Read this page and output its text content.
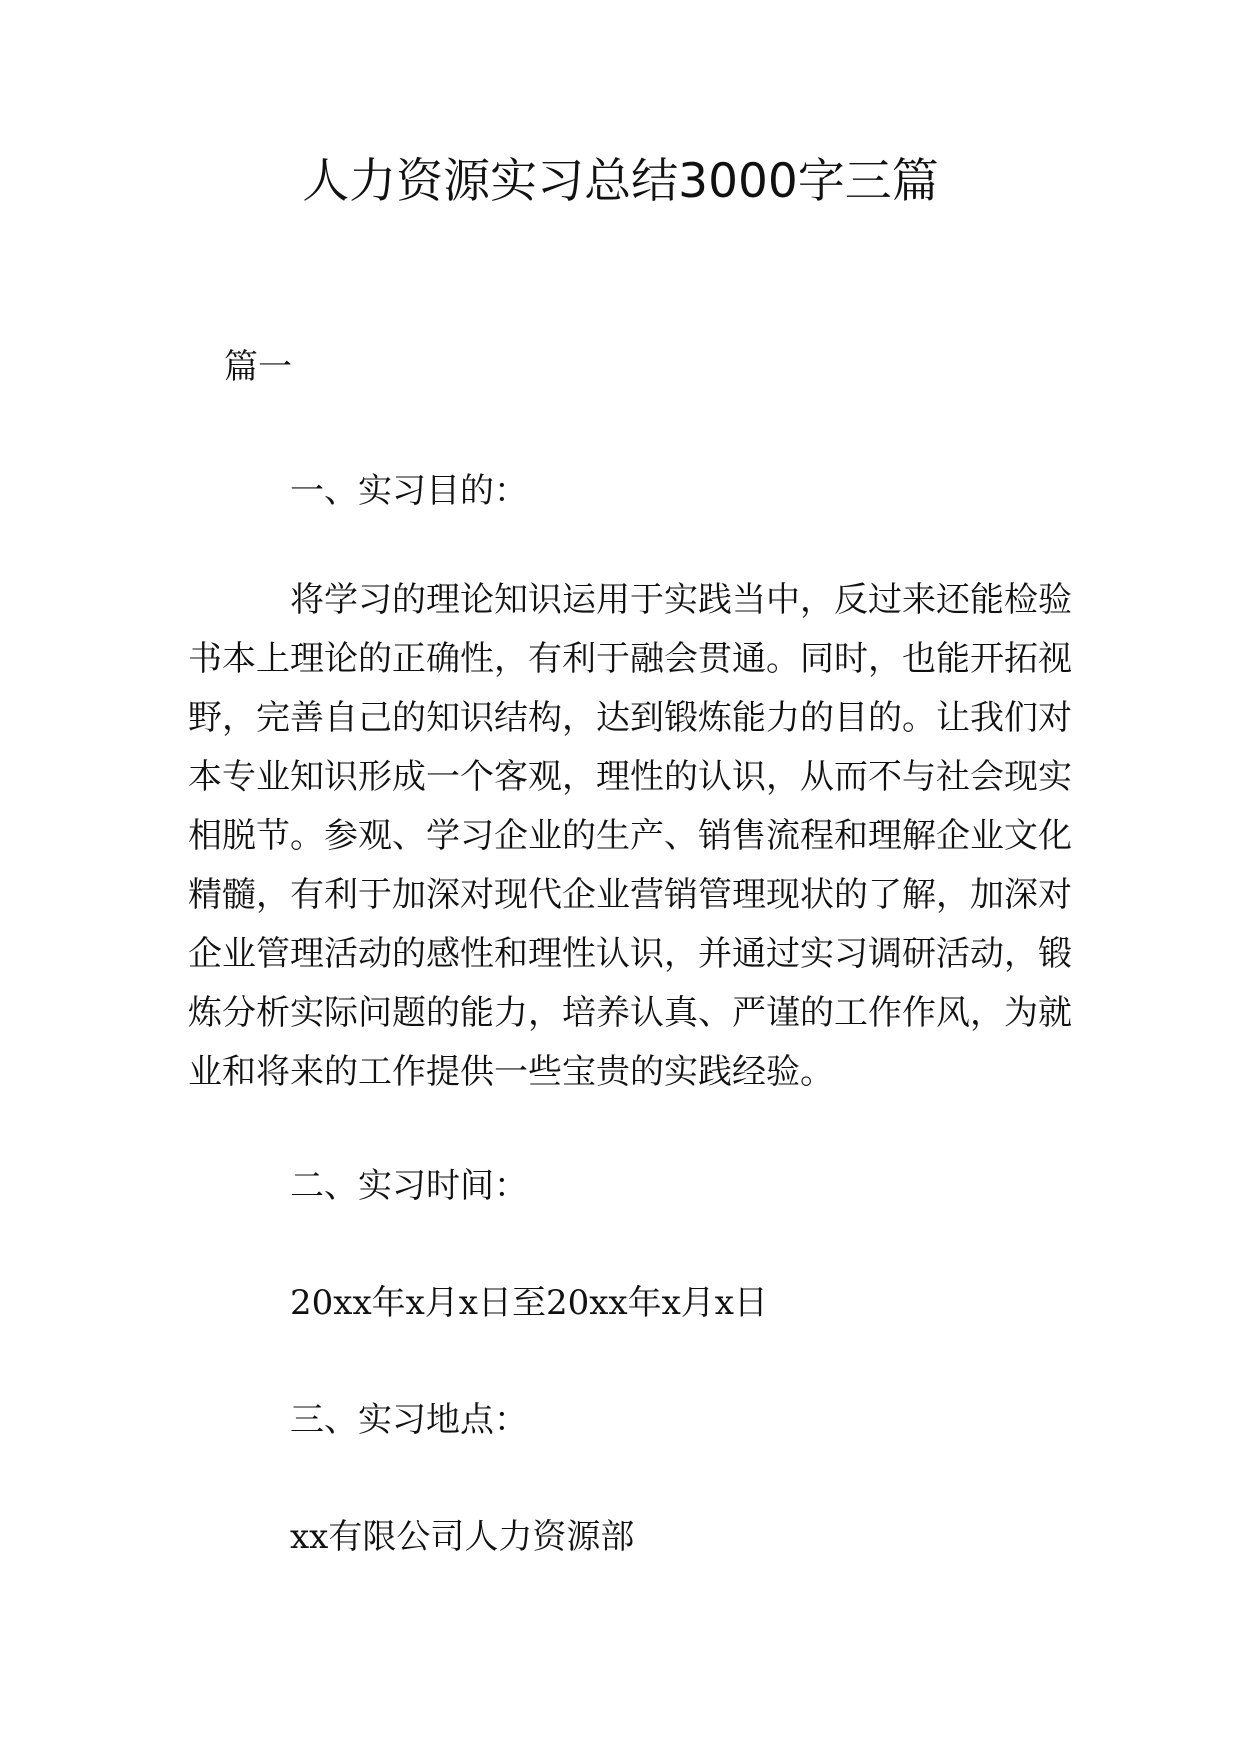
人力资源实习总结3000字三篇
篇一
一、实习目的：
将学习的理论知识运用于实践当中，反过来还能检验
书本上理论的正确性，有利于融会贯通。同时，也能开拓视
野，完善自己的知识结构，达到锻炼能力的目的。让我们对
本专业知识形成一个客观，理性的认识，从而不与社会现实
相脱节。参观、学习企业的生产、销售流程和理解企业文化
精髓，有利于加深对现代企业营销管理现状的了解，加深对
企业管理活动的感性和理性认识，并通过实习调研活动，锻
炼分析实际问题的能力，培养认真、严谨的工作作风，为就
业和将来的工作提供一些宝贵的实践经验。
二、实习时间：
20xx年x月x日至20xx年x月x日
三、实习地点：
xx有限公司人力资源部
